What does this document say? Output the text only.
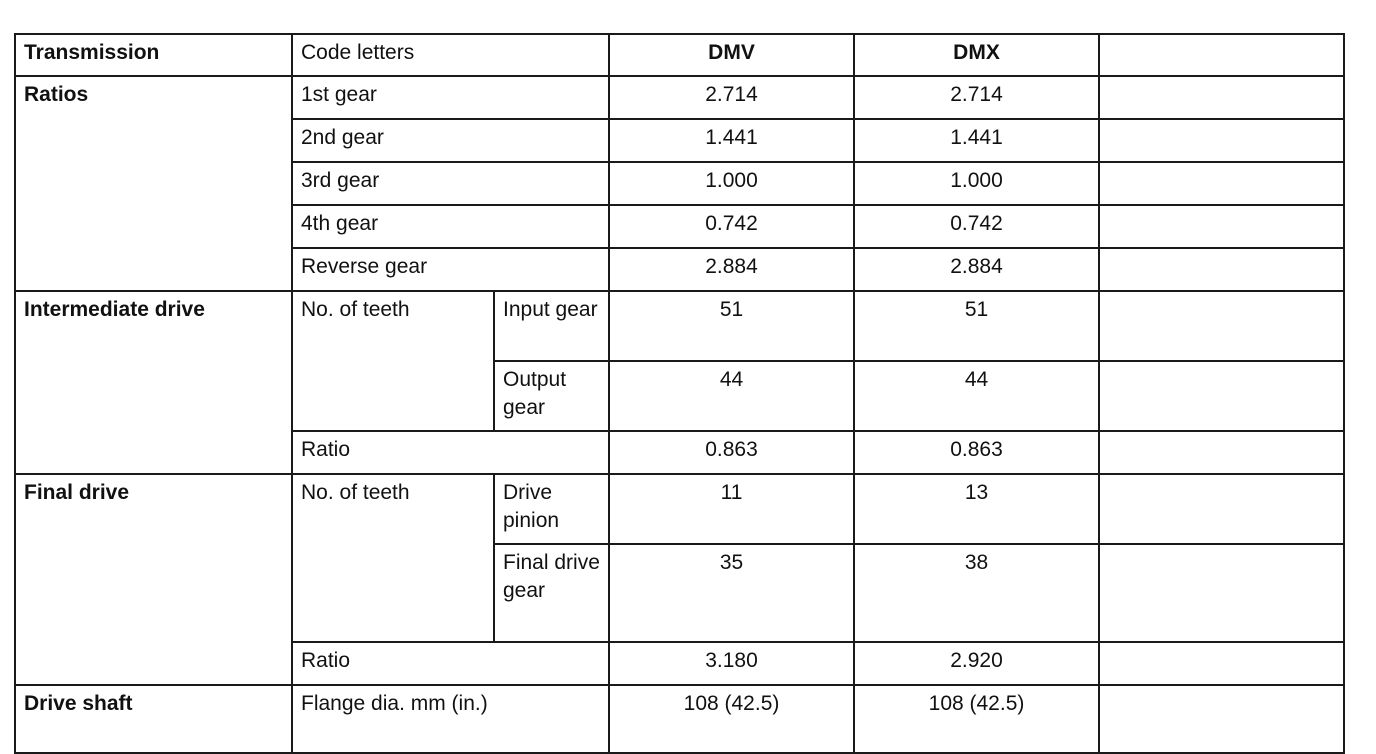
Transmission	Code letters		DMV	DMX	
Ratios	1st gear		2.714	2.714	
	2nd gear		1.441	1.441	
	3rd gear		1.000	1.000	
	4th gear		0.742	0.742	
	Reverse gear		2.884	2.884	
Intermediate drive	No. of teeth	Input gear	51	51	
		Output gear	44	44	
	Ratio		0.863	0.863	
Final drive	No. of teeth	Drive pinion	11	13	
		Final drive gear	35	38	
	Ratio		3.180	2.920	
Drive shaft	Flange dia. mm (in.)		108 (42.5)	108 (42.5)	
